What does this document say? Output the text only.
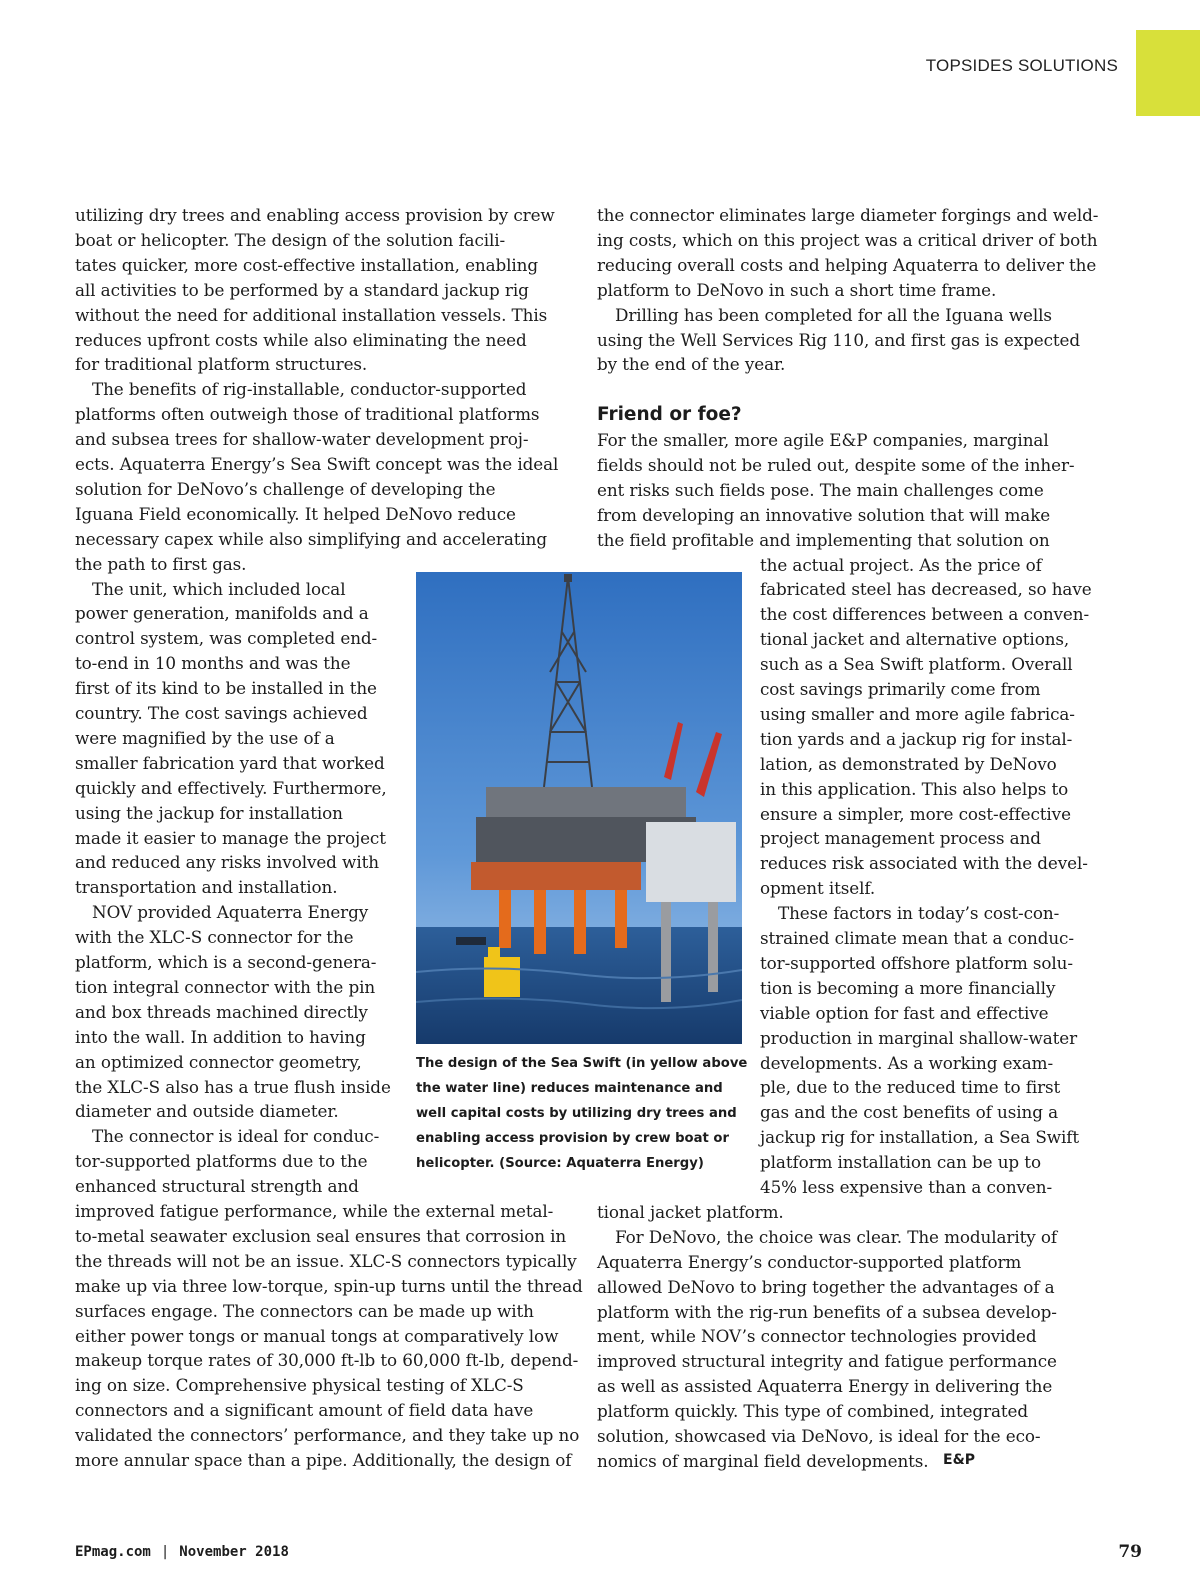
TOPSIDES SOLUTIONS
utilizing dry trees and enabling access provision by crew
boat or helicopter. The design of the solution facili-
tates quicker, more cost-effective installation, enabling
all activities to be performed by a standard jackup rig
without the need for additional installation vessels. This
reduces upfront costs while also eliminating the need
for traditional platform structures.
The benefits of rig-installable, conductor-supported
platforms often outweigh those of traditional platforms
and subsea trees for shallow-water development proj-
ects. Aquaterra Energy’s Sea Swift concept was the ideal
solution for DeNovo’s challenge of developing the
Iguana Field economically. It helped DeNovo reduce
necessary capex while also simplifying and accelerating
the path to first gas.
The unit, which included local
power generation, manifolds and a
control system, was completed end-
to-end in 10 months and was the
first of its kind to be installed in the
country. The cost savings achieved
were magnified by the use of a
smaller fabrication yard that worked
quickly and effectively. Furthermore,
using the jackup for installation
made it easier to manage the project
and reduced any risks involved with
transportation and installation.
NOV provided Aquaterra Energy
with the XLC-S connector for the
platform, which is a second-genera-
tion integral connector with the pin
and box threads machined directly
into the wall. In addition to having
an optimized connector geometry,
the XLC-S also has a true flush inside
diameter and outside diameter.
The connector is ideal for conduc-
tor-supported platforms due to the
enhanced structural strength and
improved fatigue performance, while the external metal-
to-metal seawater exclusion seal ensures that corrosion in
the threads will not be an issue. XLC-S connectors typically
make up via three low-torque, spin-up turns until the thread
surfaces engage. The connectors can be made up with
either power tongs or manual tongs at comparatively low
makeup torque rates of 30,000 ft-lb to 60,000 ft-lb, depend-
ing on size. Comprehensive physical testing of XLC-S
connectors and a significant amount of field data have
validated the connectors’ performance, and they take up no
more annular space than a pipe. Additionally, the design of
the connector eliminates large diameter forgings and weld-
ing costs, which on this project was a critical driver of both
reducing overall costs and helping Aquaterra to deliver the
platform to DeNovo in such a short time frame.
Drilling has been completed for all the Iguana wells
using the Well Services Rig 110, and first gas is expected
by the end of the year.
For the smaller, more agile E&P companies, marginal
fields should not be ruled out, despite some of the inher-
ent risks such fields pose. The main challenges come
from developing an innovative solution that will make
the field profitable and implementing that solution on
the actual project. As the price of
fabricated steel has decreased, so have
the cost differences between a conven-
tional jacket and alternative options,
such as a Sea Swift platform. Overall
cost savings primarily come from
using smaller and more agile fabrica-
tion yards and a jackup rig for instal-
lation, as demonstrated by DeNovo
in this application. This also helps to
ensure a simpler, more cost-effective
project management process and
reduces risk associated with the devel-
opment itself.
These factors in today’s cost-con-
strained climate mean that a conduc-
tor-supported offshore platform solu-
tion is becoming a more financially
viable option for fast and effective
production in marginal shallow-water
developments. As a working exam-
ple, due to the reduced time to first
gas and the cost benefits of using a
jackup rig for installation, a Sea Swift
platform installation can be up to
45% less expensive than a conven-
tional jacket platform.
For DeNovo, the choice was clear. The modularity of
Aquaterra Energy’s conductor-supported platform
allowed DeNovo to bring together the advantages of a
platform with the rig-run benefits of a subsea develop-
ment, while NOV’s connector technologies provided
improved structural integrity and fatigue performance
as well as assisted Aquaterra Energy in delivering the
platform quickly. This type of combined, integrated
solution, showcased via DeNovo, is ideal for the eco-
nomics of marginal field developments.
Friend or foe?
The design of the Sea Swift (in yellow above
the water line) reduces maintenance and
well capital costs by utilizing dry trees and
enabling access provision by crew boat or
helicopter. (Source: Aquaterra Energy)
E&P
EPmag.com | November 2018	79
